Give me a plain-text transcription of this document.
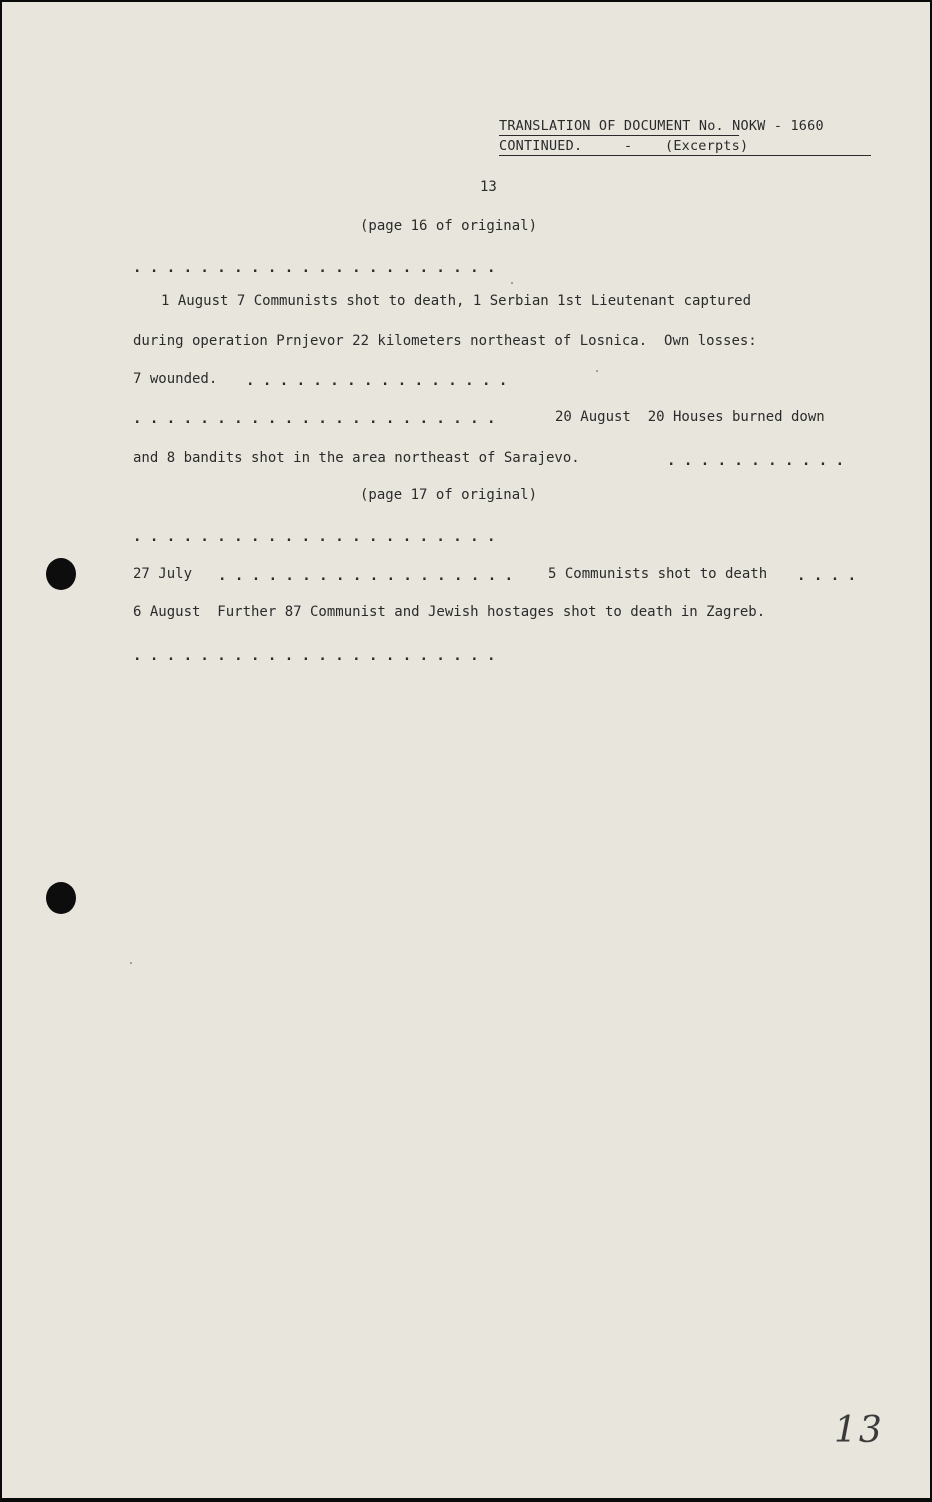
TRANSLATION OF DOCUMENT No. NOKW - 1660
CONTINUED.	- (Excerpts)
13
(page 16 of original)
. . . . . . . . . . . . . . . . . . . . . .
1 August 7 Communists shot to death, 1 Serbian 1st Lieutenant captured
during operation Prnjevor 22 kilometers northeast of Losnica.  Own losses:
7 wounded. . . . . . . . . . . . . . . . .
. . . . . . . . . . . . . . . . . . . . . .	20 August  20 Houses burned down
and 8 bandits shot in the area northeast of Sarajevo.	. . . . . . . . . . .
(page 17 of original)
. . . . . . . . . . . . . . . . . . . . . .
27 July . . . . . . . . . . . . . . . . . . 5 Communists shot to death . . . .
6 August  Further 87 Communist and Jewish hostages shot to death in Zagreb.
. . . . . . . . . . . . . . . . . . . . . .
13
